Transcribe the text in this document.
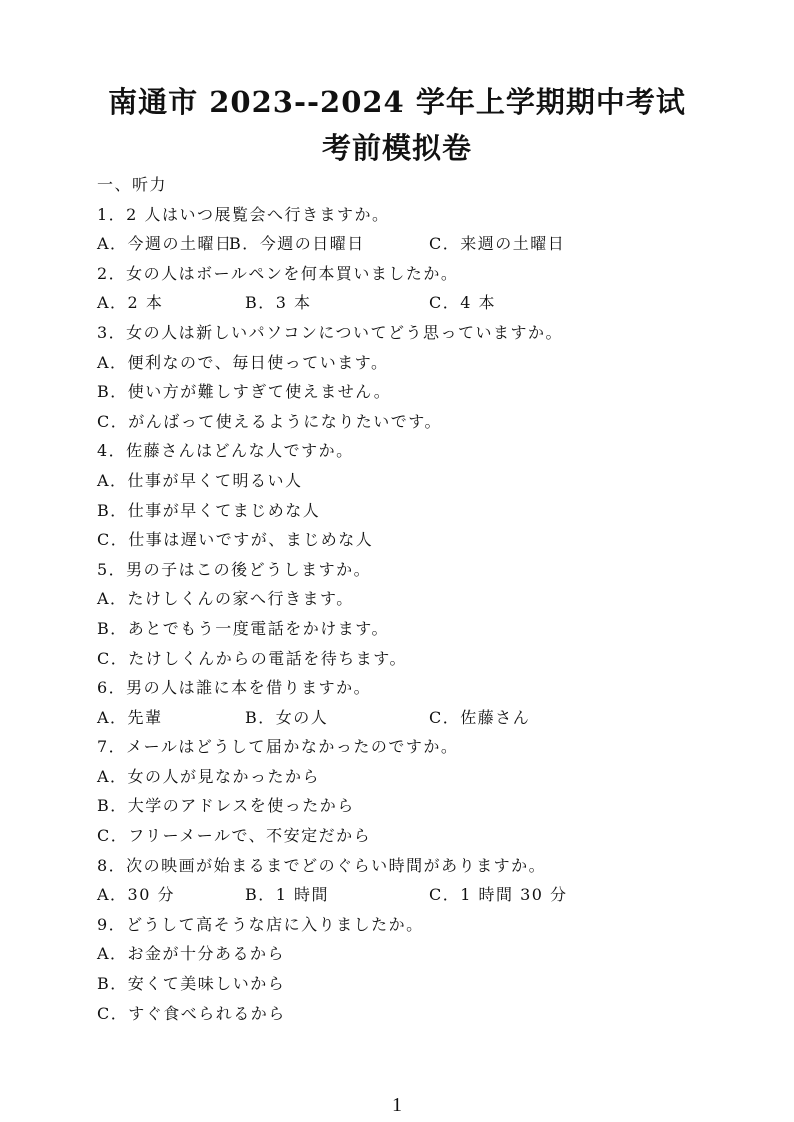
南通市 2023--2024 学年上学期期中考试
考前模拟卷
一、听力
1．2 人はいつ展覧会へ行きますか。
A．今週の土曜日
B．今週の日曜日	C．来週の土曜日
2．女の人はボールペンを何本買いましたか。
A．2 本	B．3 本	C．4 本
3．女の人は新しいパソコンについてどう思っていますか。
A．便利なので、毎日使っています。
B．使い方が難しすぎて使えません。
C．がんばって使えるようになりたいです。
4．佐藤さんはどんな人ですか。
A．仕事が早くて明るい人
B．仕事が早くてまじめな人
C．仕事は遅いですが、まじめな人
5．男の子はこの後どうしますか。
A．たけしくんの家へ行きます。
B．あとでもう一度電話をかけます。
C．たけしくんからの電話を待ちます。
6．男の人は誰に本を借りますか。
A．先輩	B．女の人	C．佐藤さん
7．メールはどうして届かなかったのですか。
A．女の人が見なかったから
B．大学のアドレスを使ったから
C．フリーメールで、不安定だから
8．次の映画が始まるまでどのぐらい時間がありますか。
A．30 分	B．1 時間	C．1 時間 30 分
9．どうして高そうな店に入りましたか。
A．お金が十分あるから
B．安くて美味しいから
C．すぐ食べられるから
1
